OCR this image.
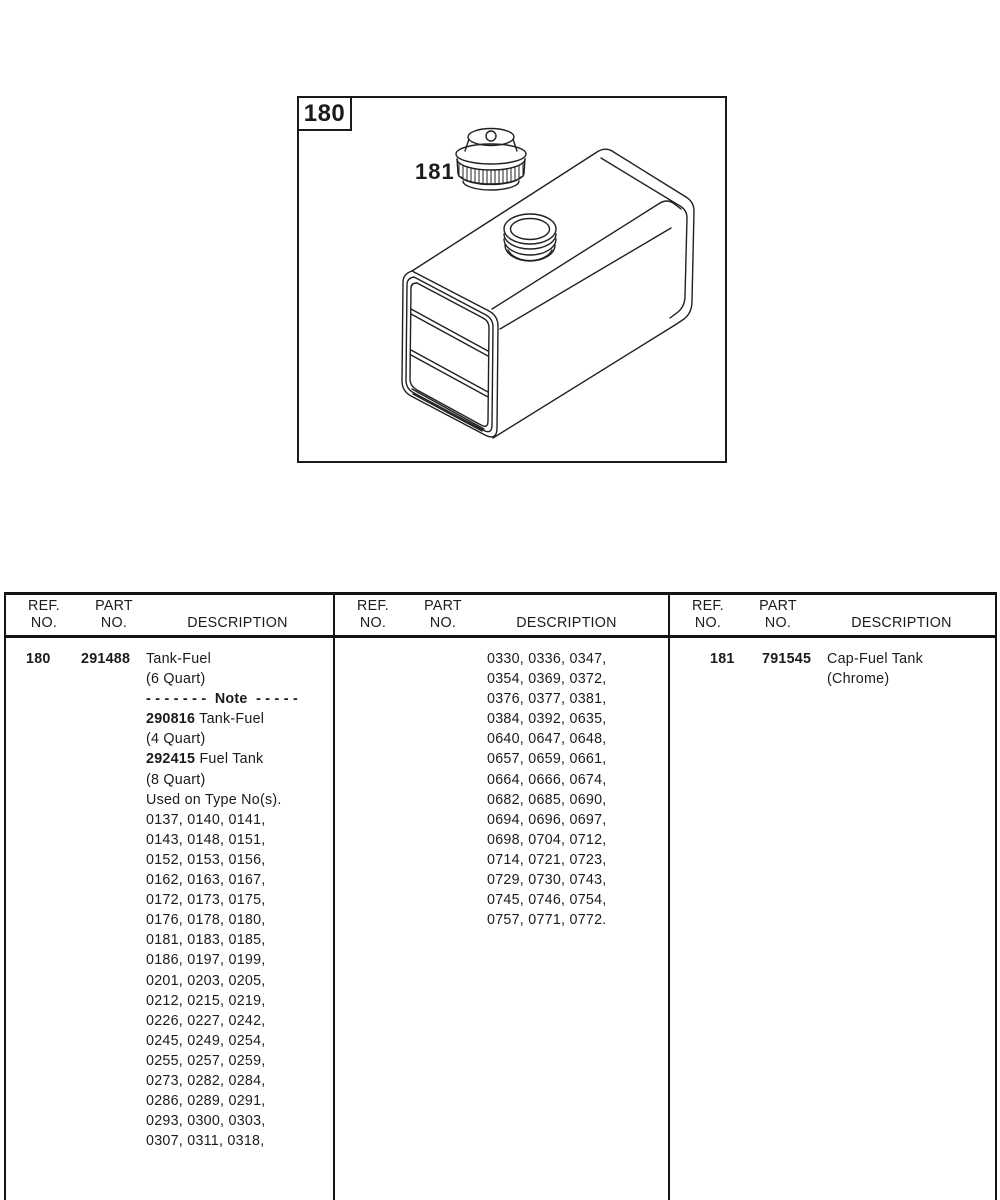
180
181
REF.
NO.
PART
NO.	DESCRIPTION
180 291488 Tank-Fuel
(6 Quart)
- - - - - - -  Note  - - - - -
290816 Tank-Fuel
(4 Quart)
292415 Fuel Tank
(8 Quart)
Used on Type No(s).
0137, 0140, 0141,
0143, 0148, 0151,
0152, 0153, 0156,
0162, 0163, 0167,
0172, 0173, 0175,
0176, 0178, 0180,
0181, 0183, 0185,
0186, 0197, 0199,
0201, 0203, 0205,
0212, 0215, 0219,
0226, 0227, 0242,
0245, 0249, 0254,
0255, 0257, 0259,
0273, 0282, 0284,
0286, 0289, 0291,
0293, 0300, 0303,
0307, 0311, 0318,
REF.
NO.
PART
NO.	DESCRIPTION
0330, 0336, 0347,
0354, 0369, 0372,
0376, 0377, 0381,
0384, 0392, 0635,
0640, 0647, 0648,
0657, 0659, 0661,
0664, 0666, 0674,
0682, 0685, 0690,
0694, 0696, 0697,
0698, 0704, 0712,
0714, 0721, 0723,
0729, 0730, 0743,
0745, 0746, 0754,
0757, 0771, 0772.
REF.
NO.
PART
NO.	DESCRIPTION
181 791545 Cap-Fuel Tank
(Chrome)
